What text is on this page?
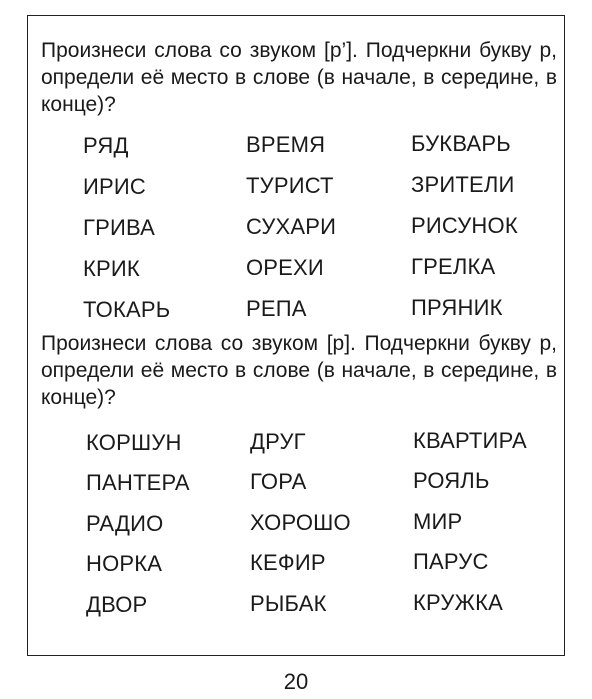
Произнеси слова со звуком [р’]. Подчеркни букву р, определи её место в слове (в начале, в середине, в конце)?

РЯД
ИРИС
ГРИВА
КРИК
ТОКАРЬ
ВРЕМЯ
ТУРИСТ
СУХАРИ
ОРЕХИ
РЕПА
БУКВАРЬ
ЗРИТЕЛИ
РИСУНОК
ГРЕЛКА
ПРЯНИК

Произнеси слова со звуком [р]. Подчеркни букву р, определи её место в слове (в начале, в середине, в конце)?

КОРШУН
ПАНТЕРА
РАДИО
НОРКА
ДВОР
ДРУГ
ГОРА
ХОРОШО
КЕФИР
РЫБАК
КВАРТИРА
РОЯЛЬ
МИР
ПАРУС
КРУЖКА
20
